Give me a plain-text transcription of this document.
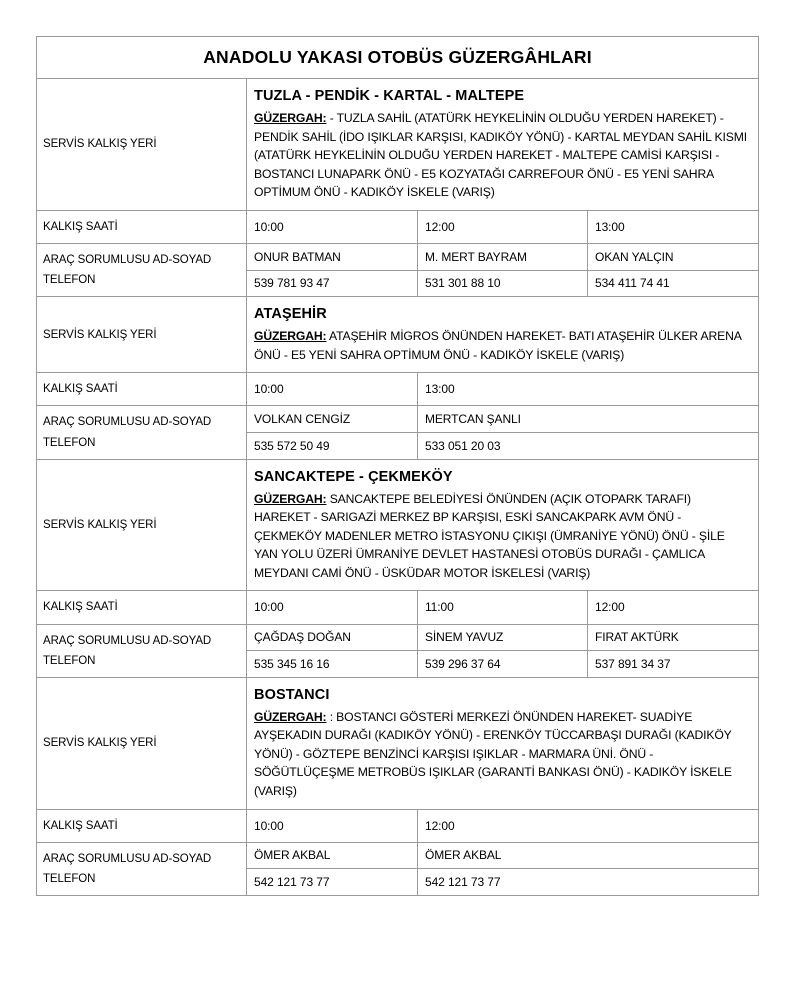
ANADOLU YAKASI OTOBÜS GÜZERGÂHLARI			
SERVİS KALKIŞ YERİ	TUZLA - PENDİK - KARTAL - MALTEPE
GÜZERGAH: - TUZLA SAHİL (ATATÜRK HEYKELİNİN OLDUĞU YERDEN HAREKET) - PENDİK SAHİL (İDO IŞIKLAR KARŞISI, KADIKÖY YÖNÜ) - KARTAL MEYDAN SAHİL KISMI (ATATÜRK HEYKELİNİN OLDUĞU YERDEN HAREKET - MALTEPE CAMİSİ KARŞISI - BOSTANCI LUNAPARK ÖNÜ - E5 KOZYATAĞI CARREFOUR ÖNÜ - E5 YENİ SAHRA OPTİMUM ÖNÜ - KADIKÖY İSKELE (VARIŞ)		

KALKIŞ SAATİ	10:00	12:00	13:00

ARAÇ SORUMLUSU AD-SOYAD
TELEFON	ONUR BATMAN	M. MERT BAYRAM	OKAN YALÇIN
	539 781 93 47	531 301 88 10	534 411 74 41
SERVİS KALKIŞ YERİ	ATAŞEHİR
GÜZERGAH: ATAŞEHİR MİGROS ÖNÜNDEN HAREKET- BATI ATAŞEHİR ÜLKER ARENA ÖNÜ - E5 YENİ SAHRA OPTİMUM ÖNÜ - KADIKÖY İSKELE (VARIŞ)		

KALKIŞ SAATİ	10:00	13:00	

ARAÇ SORUMLUSU AD-SOYAD
TELEFON	VOLKAN CENGİZ	MERTCAN ŞANLI	
	535 572 50 49	533 051 20 03	
SERVİS KALKIŞ YERİ	SANCAKTEPE - ÇEKMEKÖY
GÜZERGAH: SANCAKTEPE BELEDİYESİ ÖNÜNDEN (AÇIK OTOPARK TARAFI) HAREKET - SARIGAZİ MERKEZ BP KARŞISI, ESKİ SANCAKPARK AVM ÖNÜ - ÇEKMEKÖY MADENLER METRO İSTASYONU ÇIKIŞI (ÜMRANİYE YÖNÜ) ÖNÜ - ŞİLE YAN YOLU ÜZERİ ÜMRANİYE DEVLET HASTANESİ OTOBÜS DURAĞI - ÇAMLICA MEYDANI CAMİ ÖNÜ - ÜSKÜDAR MOTOR İSKELESİ (VARIŞ)		

KALKIŞ SAATİ	10:00	11:00	12:00

ARAÇ SORUMLUSU AD-SOYAD
TELEFON	ÇAĞDAŞ DOĞAN	SİNEM YAVUZ	FIRAT AKTÜRK
	535 345 16 16	539 296 37 64	537 891 34 37
SERVİS KALKIŞ YERİ	BOSTANCI
GÜZERGAH: : BOSTANCI GÖSTERİ MERKEZİ ÖNÜNDEN HAREKET- SUADİYE AYŞEKADIN DURAĞI (KADIKÖY YÖNÜ) - ERENKÖY TÜCCARBAŞI DURAĞI (KADIKÖY YÖNÜ) - GÖZTEPE BENZİNCİ KARŞISI IŞIKLAR - MARMARA ÜNİ. ÖNÜ - SÖĞÜTLÜÇEŞME METROBÜS IŞIKLAR (GARANTİ BANKASI ÖNÜ) - KADIKÖY İSKELE (VARIŞ)		

KALKIŞ SAATİ	10:00	12:00	

ARAÇ SORUMLUSU AD-SOYAD
TELEFON	ÖMER AKBAL	ÖMER AKBAL	
	542 121 73 77	542 121 73 77	
